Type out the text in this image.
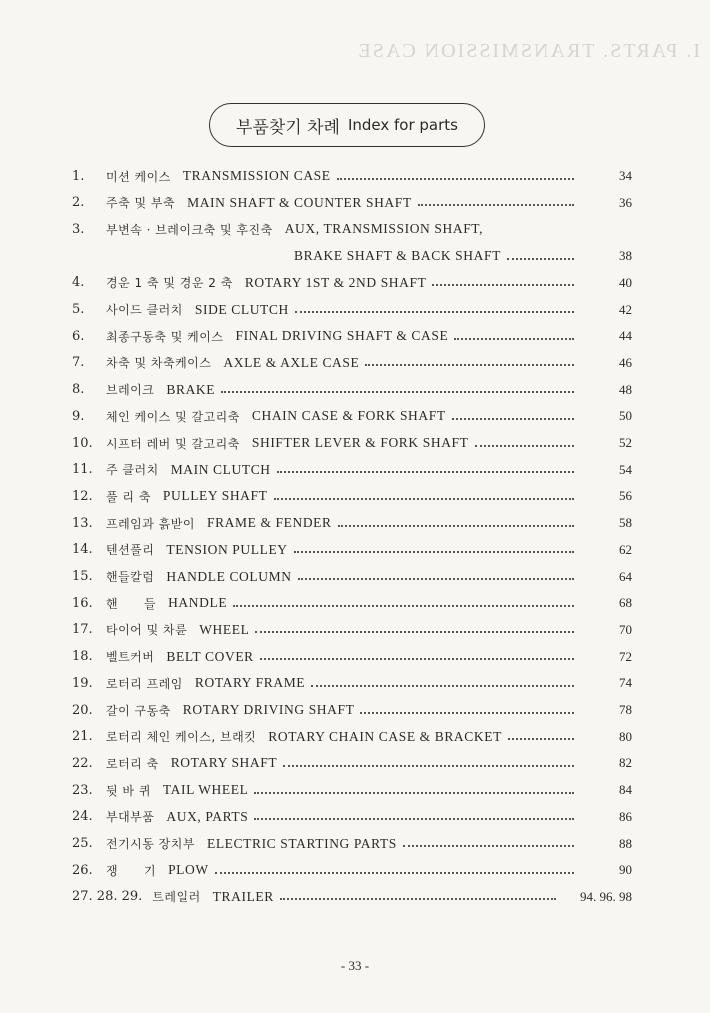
I. PARTS. TRANSMISSION CASE
부품찾기 차례 Index for parts
1.	미션 케이스 TRANSMISSION CASE	34
2.	주축 및 부축 MAIN SHAFT & COUNTER SHAFT	36
3.	부변속 · 브레이크축 및 후진축 AUX, TRANSMISSION SHAFT,
BRAKE SHAFT & BACK SHAFT	38
4.	경운 1 축 및 경운 2 축 ROTARY 1ST & 2ND SHAFT	40
5.	사이드 클러치 SIDE CLUTCH	42
6.	최종구동축 및 케이스 FINAL DRIVING SHAFT & CASE	44
7.	차축 및 차축케이스 AXLE & AXLE CASE	46
8.	브레이크 BRAKE	48
9.	체인 케이스 및 갈고리축 CHAIN CASE & FORK SHAFT	50
10.	시프터 레버 및 갈고리축 SHIFTER LEVER & FORK SHAFT	52
11.	주 클러치 MAIN CLUTCH	54
12.	풀 리 축 PULLEY SHAFT	56
13.	프레임과 흙받이 FRAME & FENDER	58
14.	텐션풀리 TENSION PULLEY	62
15.	핸들칼럼 HANDLE COLUMN	64
16.	핸      들 HANDLE	68
17.	타이어 및 차륜 WHEEL	70
18.	벨트커버 BELT COVER	72
19.	로터리 프레임 ROTARY FRAME	74
20.	갈이 구동축 ROTARY DRIVING SHAFT	78
21.	로터리 체인 케이스, 브래킷 ROTARY CHAIN CASE & BRACKET	80
22.	로터리 축 ROTARY SHAFT	82
23.	뒷 바 퀴 TAIL WHEEL	84
24.	부대부품 AUX, PARTS	86
25.	전기시동 장치부 ELECTRIC STARTING PARTS	88
26.	쟁      기 PLOW	90
27. 28. 29. 트레일러 TRAILER	94. 96. 98
- 33 -
